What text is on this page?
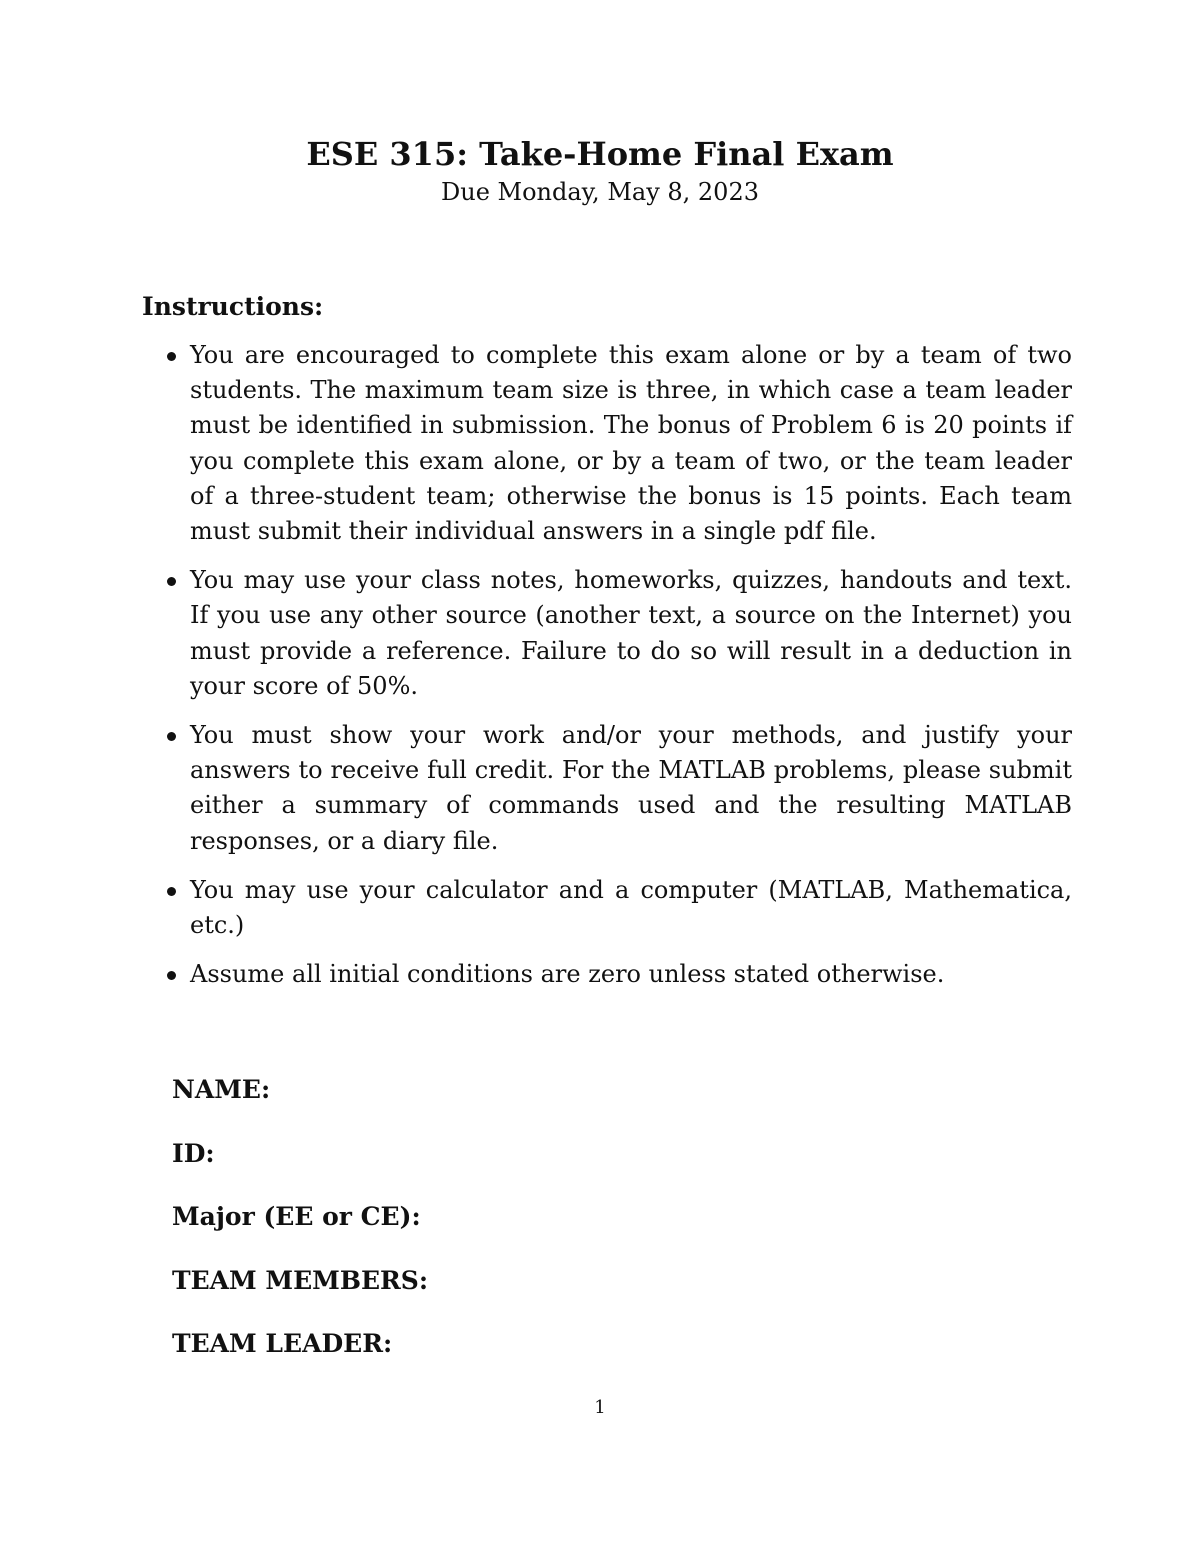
ESE 315: Take-Home Final Exam
Due Monday, May 8, 2023
Instructions:
You are encouraged to complete this exam alone or by a team of two students. The maximum team size is three, in which case a team leader must be identified in submission. The bonus of Problem 6 is 20 points if you complete this exam alone, or by a team of two, or the team leader of a three-student team; otherwise the bonus is 15 points. Each team must submit their individual answers in a single pdf file.
You may use your class notes, homeworks, quizzes, handouts and text. If you use any other source (another text, a source on the Internet) you must provide a reference. Failure to do so will result in a deduction in your score of 50%.
You must show your work and/or your methods, and justify your answers to receive full credit. For the MATLAB problems, please submit either a summary of commands used and the resulting MATLAB responses, or a diary file.
You may use your calculator and a computer (MATLAB, Mathematica, etc.)
Assume all initial conditions are zero unless stated otherwise.
NAME:
ID:
Major (EE or CE):
TEAM MEMBERS:
TEAM LEADER:
1
